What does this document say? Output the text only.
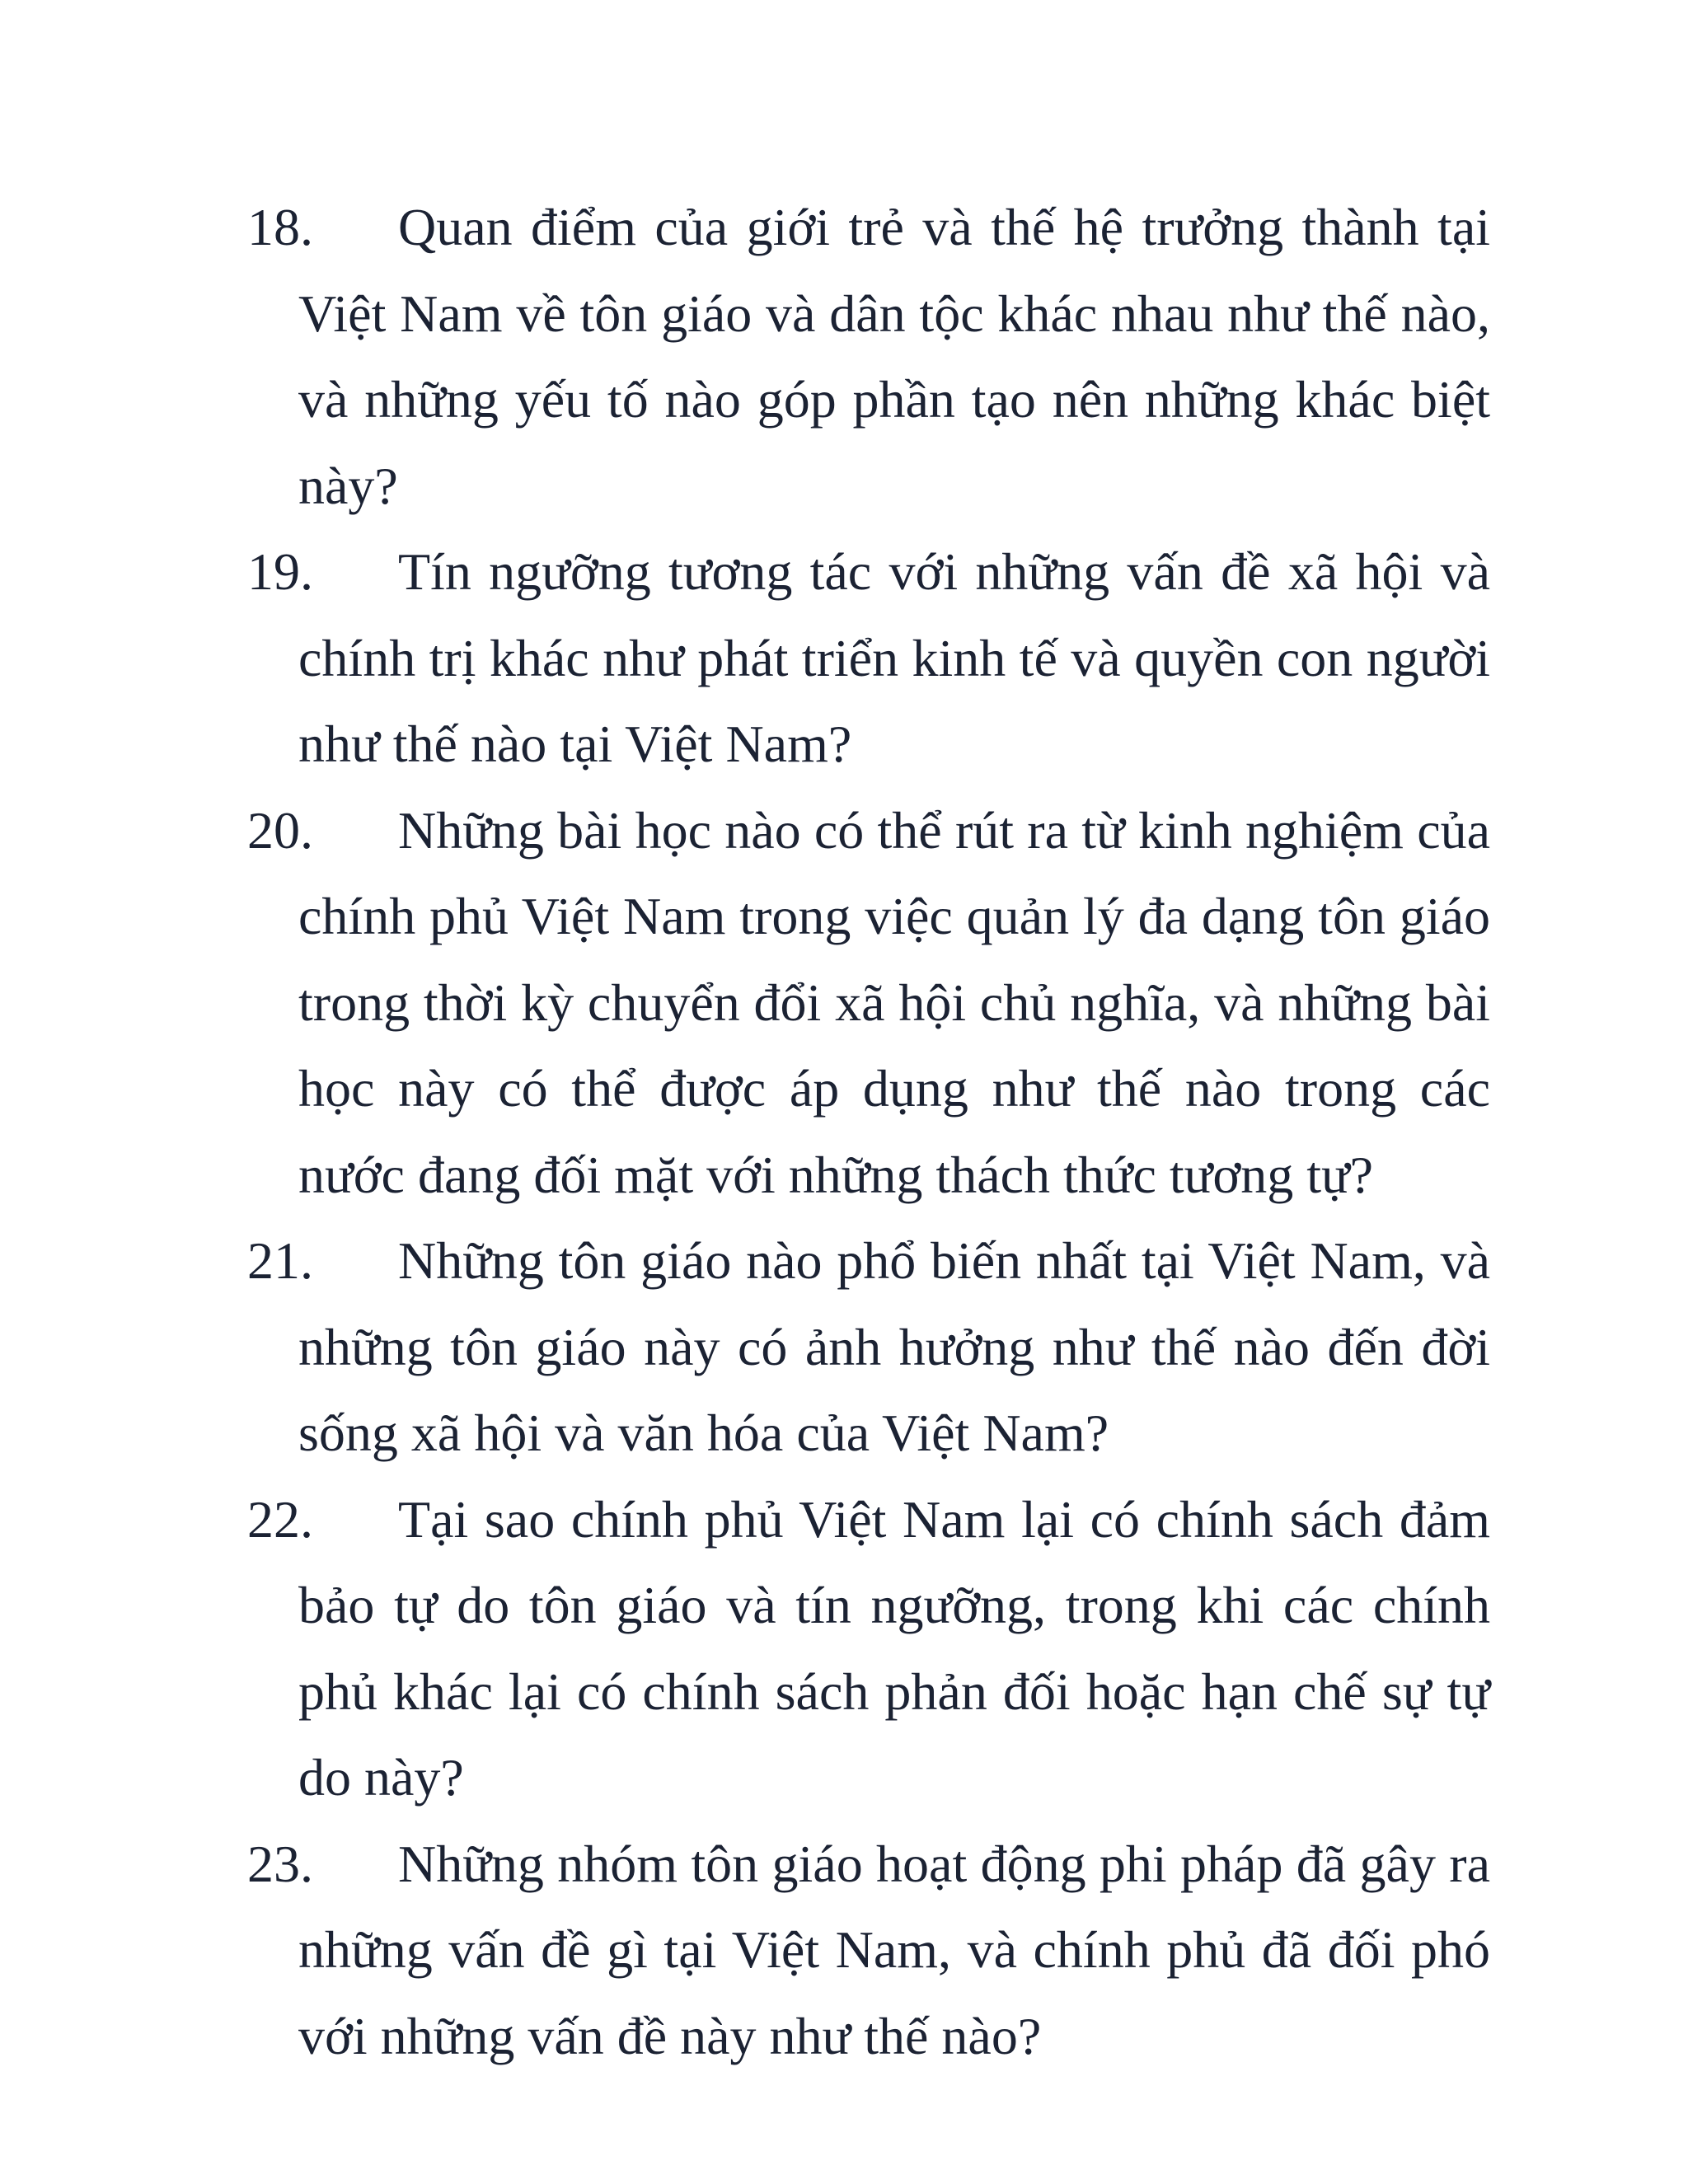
18.	Quan điểm của giới trẻ và thế hệ trưởng thành tại Việt Nam về tôn giáo và dân tộc khác nhau như thế nào, và những yếu tố nào góp phần tạo nên những khác biệt này?
19.	Tín ngưỡng tương tác với những vấn đề xã hội và chính trị khác như phát triển kinh tế và quyền con người như thế nào tại Việt Nam?
20.	Những bài học nào có thể rút ra từ kinh nghiệm của chính phủ Việt Nam trong việc quản lý đa dạng tôn giáo trong thời kỳ chuyển đổi xã hội chủ nghĩa, và những bài học này có thể được áp dụng như thế nào trong các nước đang đối mặt với những thách thức tương tự?
21.	Những tôn giáo nào phổ biến nhất tại Việt Nam, và những tôn giáo này có ảnh hưởng như thế nào đến đời sống xã hội và văn hóa của Việt Nam?
22.	Tại sao chính phủ Việt Nam lại có chính sách đảm bảo tự do tôn giáo và tín ngưỡng, trong khi các chính phủ khác lại có chính sách phản đối hoặc hạn chế sự tự do này?
23.	Những nhóm tôn giáo hoạt động phi pháp đã gây ra những vấn đề gì tại Việt Nam, và chính phủ đã đối phó với những vấn đề này như thế nào?
